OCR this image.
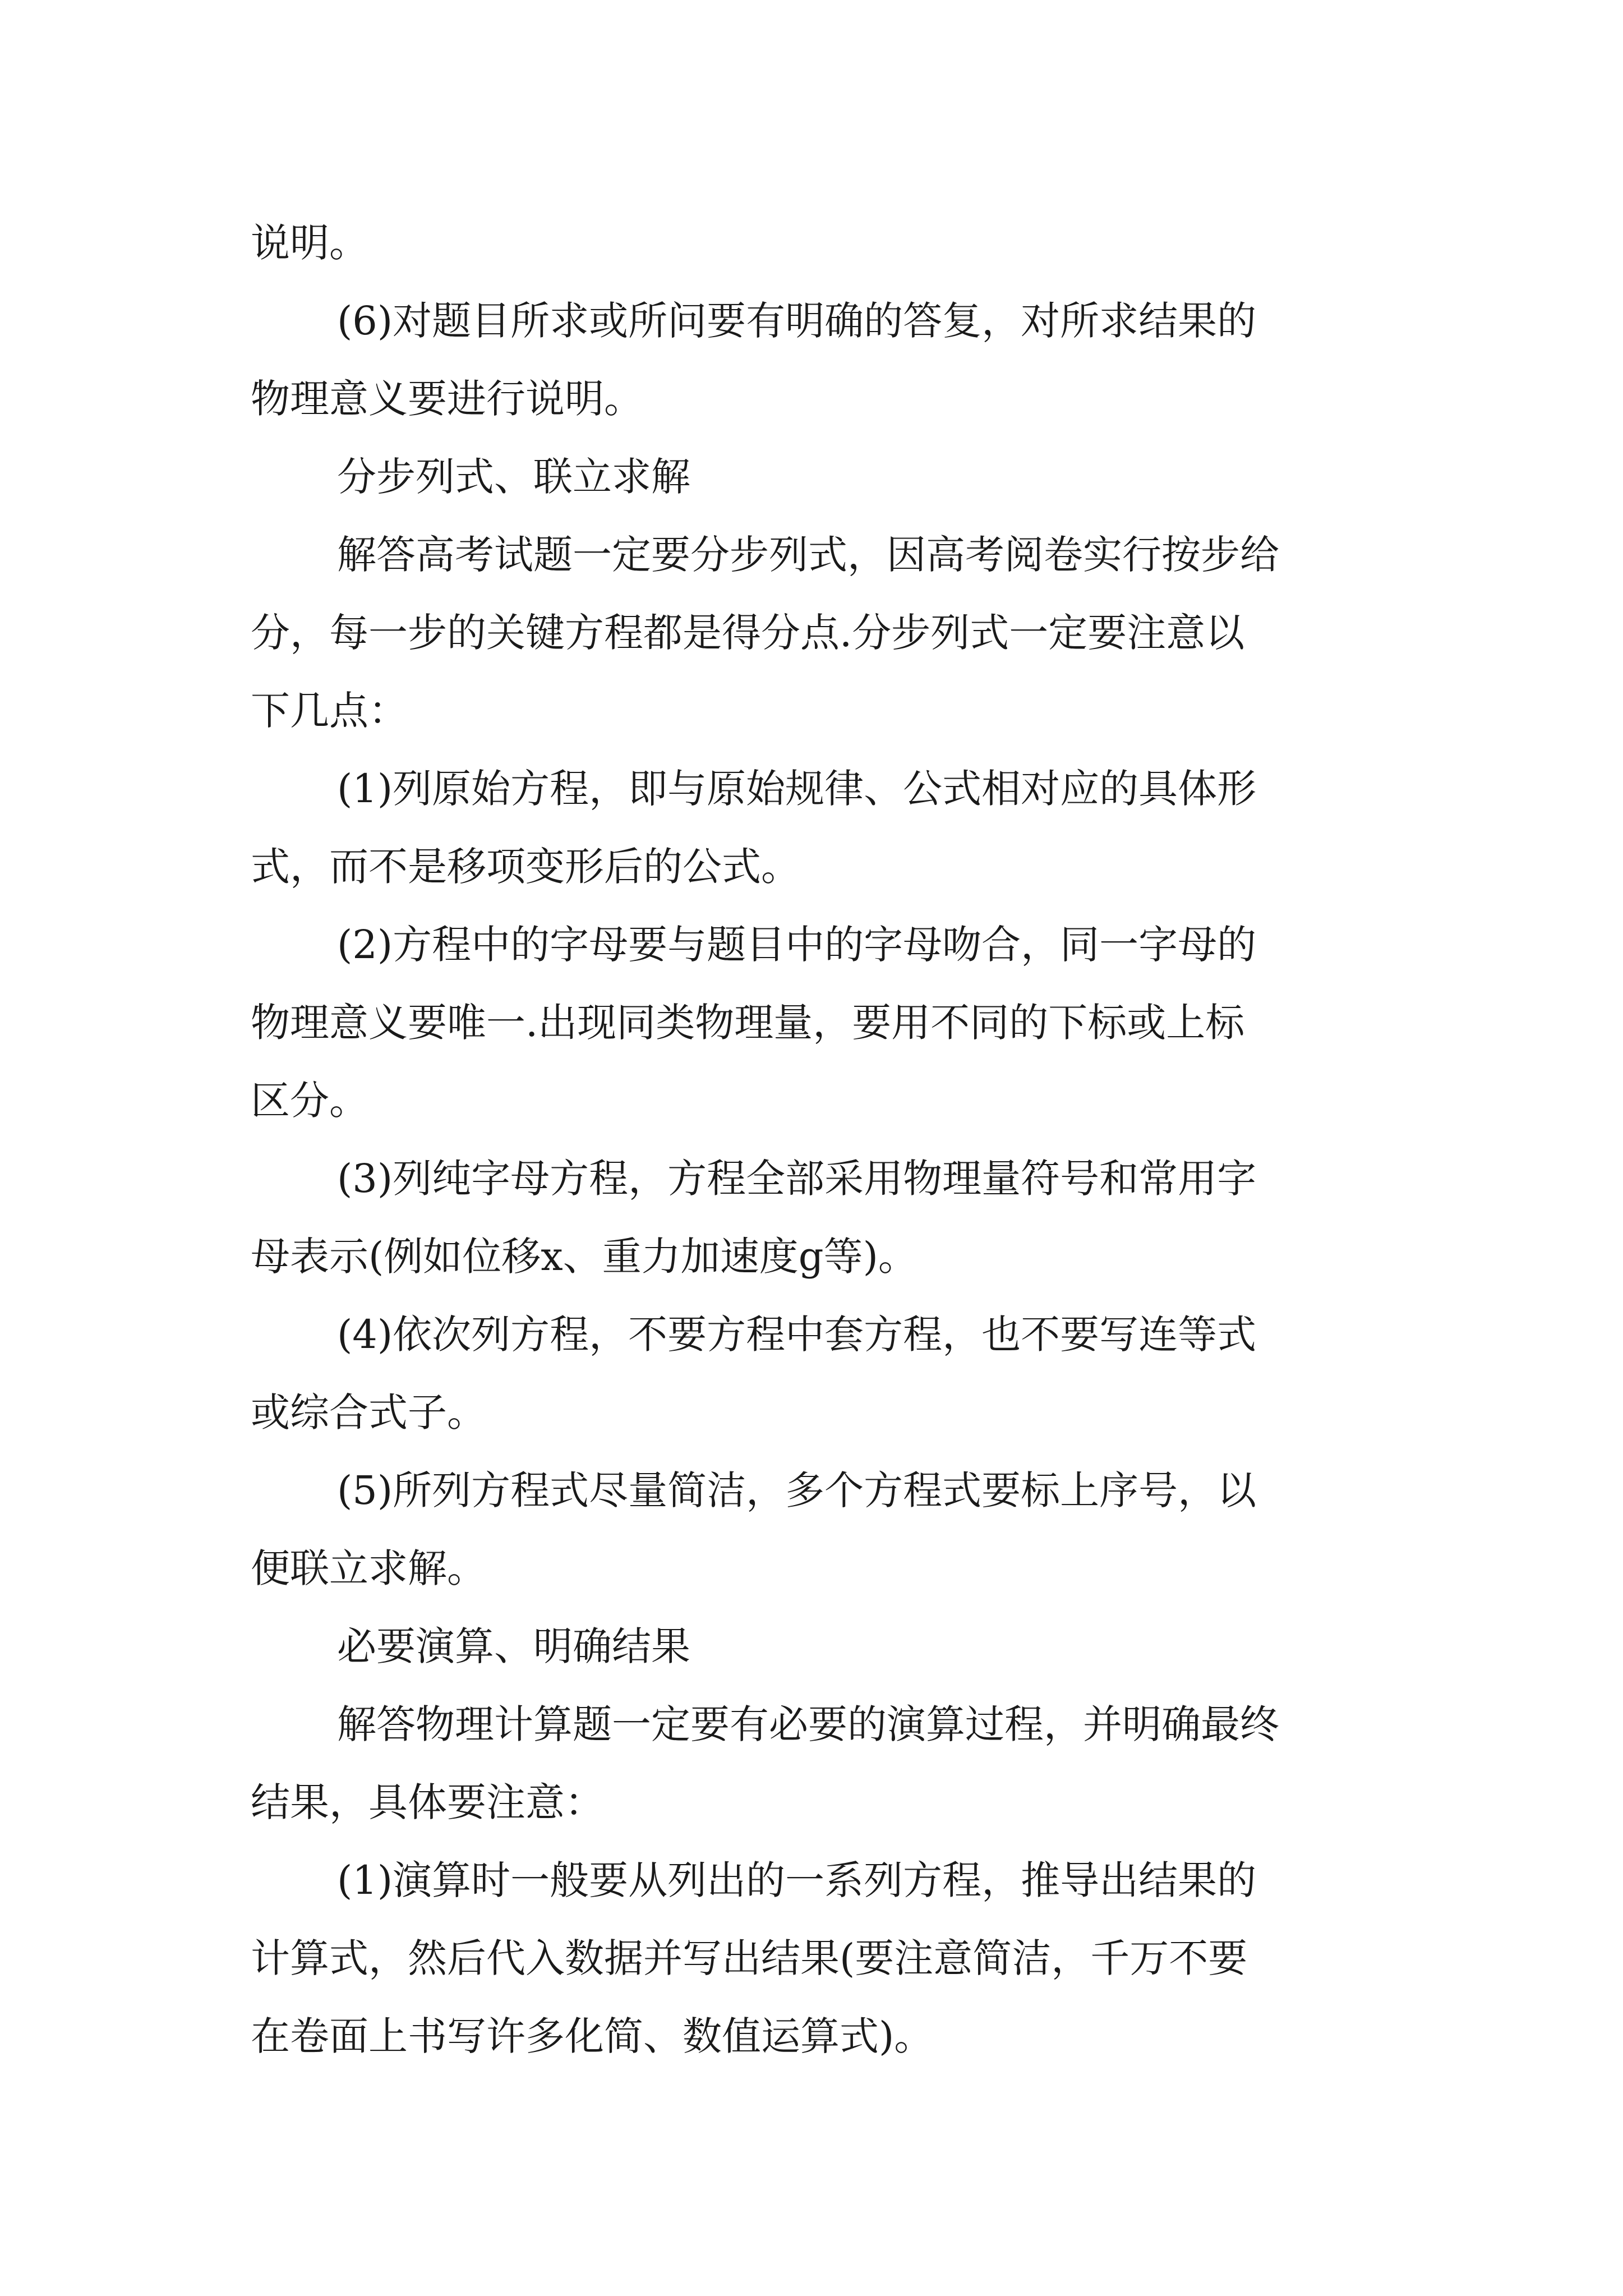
说明。
(6)对题目所求或所问要有明确的答复，对所求结果的
物理意义要进行说明。
分步列式、联立求解
解答高考试题一定要分步列式，因高考阅卷实行按步给
分，每一步的关键方程都是得分点.分步列式一定要注意以
下几点：
(1)列原始方程，即与原始规律、公式相对应的具体形
式，而不是移项变形后的公式。
(2)方程中的字母要与题目中的字母吻合，同一字母的
物理意义要唯一.出现同类物理量，要用不同的下标或上标
区分。
(3)列纯字母方程，方程全部采用物理量符号和常用字
母表示(例如位移x、重力加速度g等)。
(4)依次列方程，不要方程中套方程，也不要写连等式
或综合式子。
(5)所列方程式尽量简洁，多个方程式要标上序号，以
便联立求解。
必要演算、明确结果
解答物理计算题一定要有必要的演算过程，并明确最终
结果，具体要注意：
(1)演算时一般要从列出的一系列方程，推导出结果的
计算式，然后代入数据并写出结果(要注意简洁，千万不要
在卷面上书写许多化简、数值运算式)。
